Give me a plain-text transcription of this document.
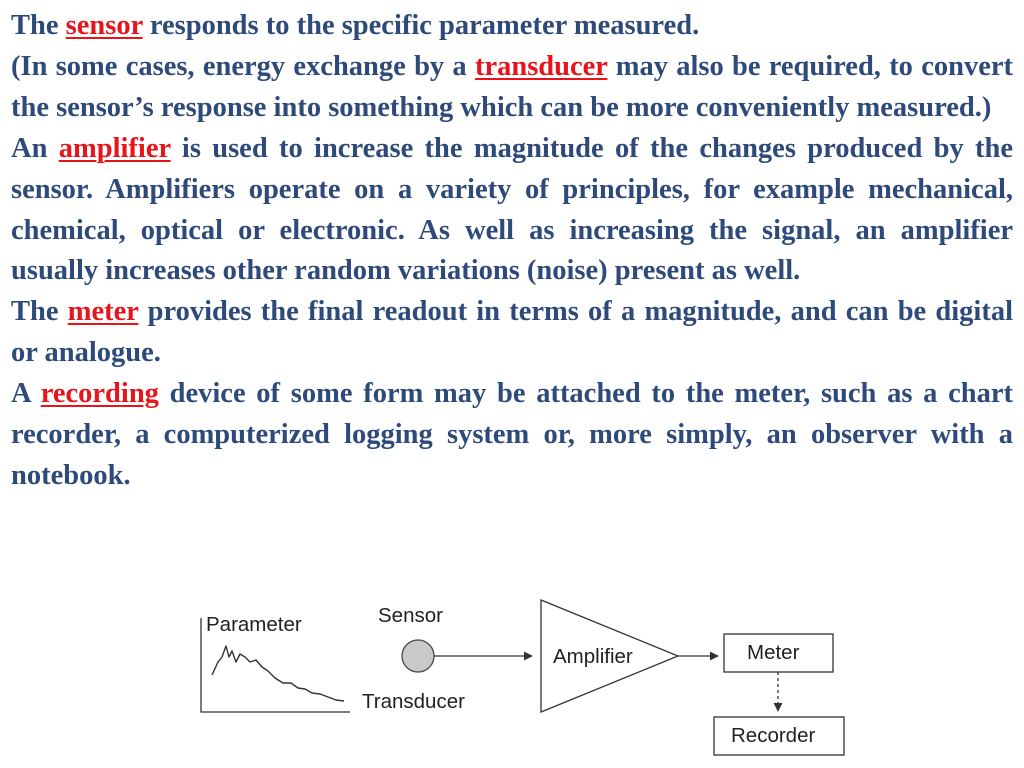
The sensor responds to the specific parameter measured.

(In some cases, energy exchange by a transducer may also be required, to convert the sensor’s response into something which can be more conveniently measured.)

An amplifier is used to increase the magnitude of the changes produced by the sensor. Amplifiers operate on a variety of principles, for example mechanical, chemical, optical or electronic. As well as increasing the signal, an amplifier usually increases other random variations (noise) present as well.

The meter provides the final readout in terms of a magnitude, and can be digital or analogue.

A recording device of some form may be attached to the meter, such as a chart recorder, a computerized logging system or, more simply, an observer with a notebook.

Parameter	Sensor
Transducer
Amplifier	Meter
Recorder
